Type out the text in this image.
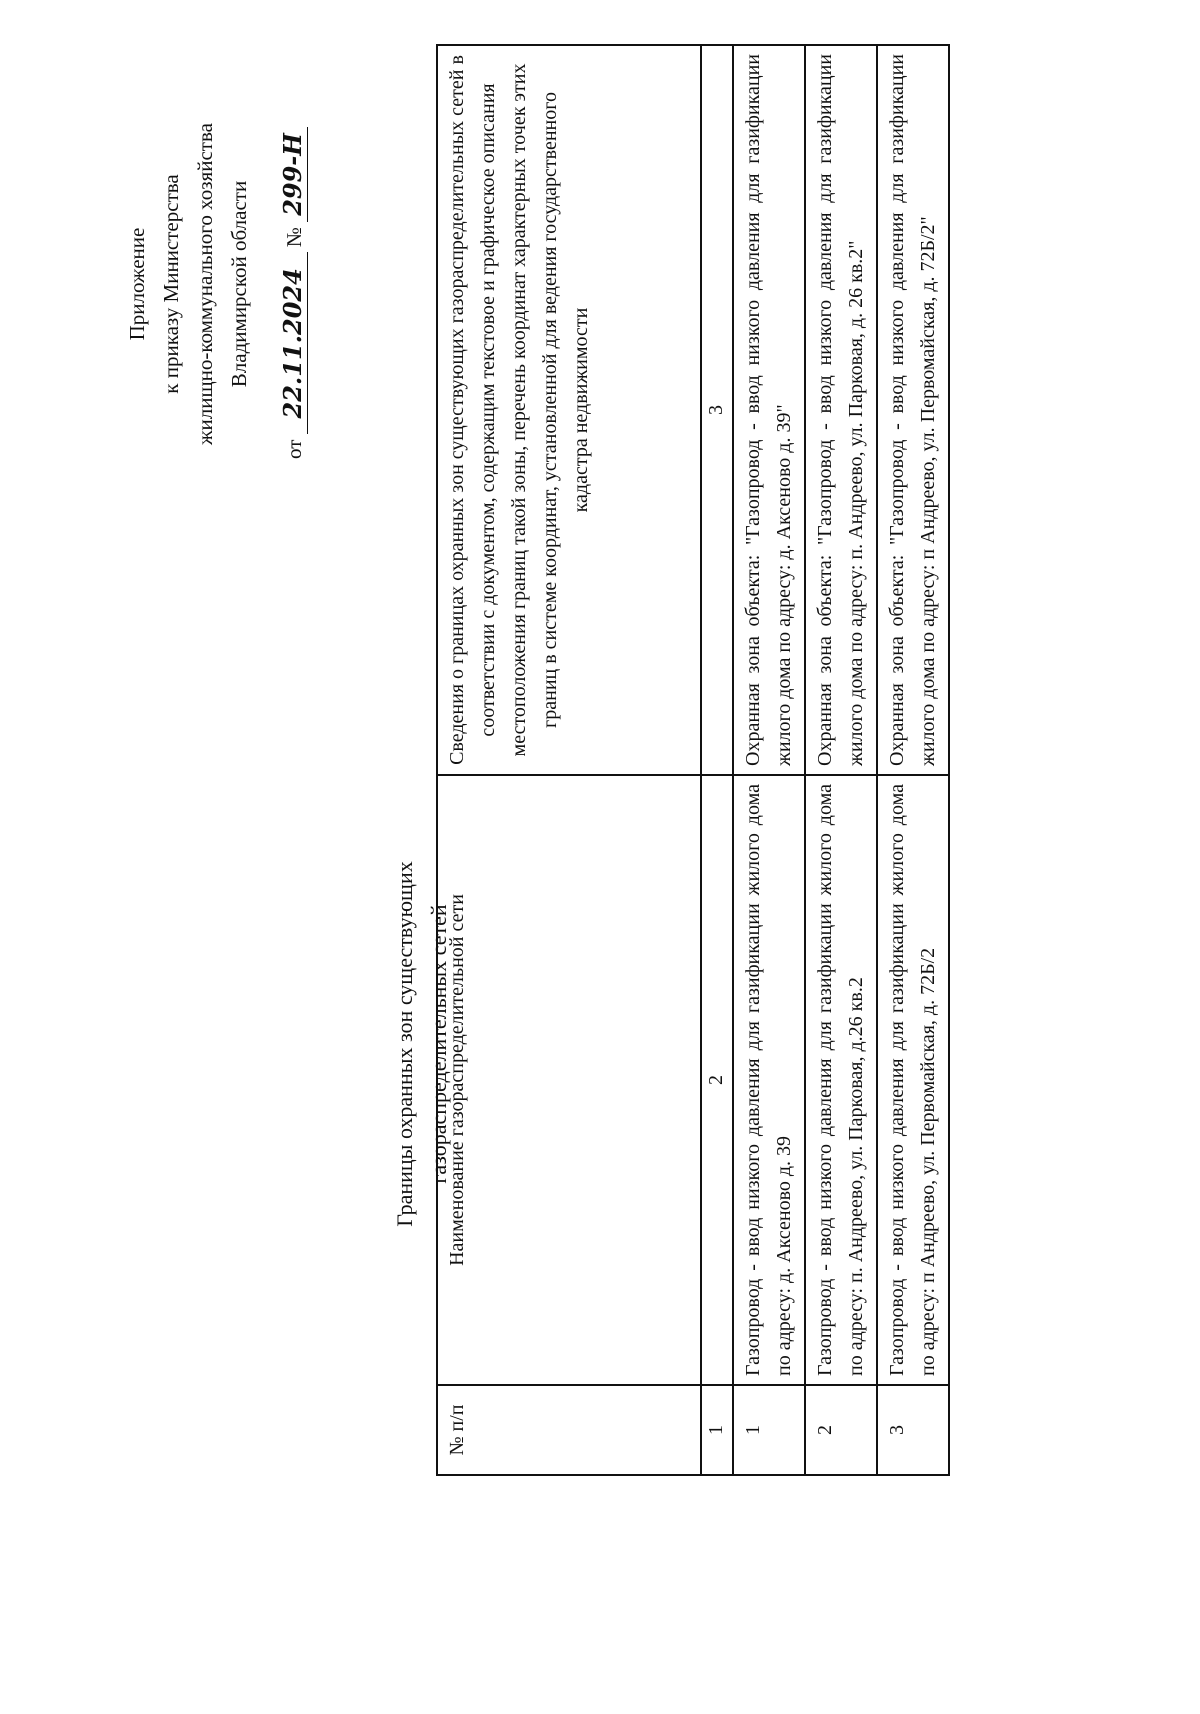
Приложение к приказу Министерства жилищно-коммунального хозяйства Владимирской области
от 22.11.2024 № 299-Н
Границы охранных зон существующих газораспределительных сетей
№ п/п	Наименование газораспределительной сети	Сведения о границах охранных зон существующих газораспределительных сетей в соответствии с документом, содержащим текстовое и графическое описания местоположения границ такой зоны, перечень координат характерных точек этих границ в системе координат, установленной для ведения государственного кадастра недвижимости
1	2	3
1	Газопровод - ввод низкого давления для газификации жилого дома по адресу: д. Аксеново д. 39	Охранная зона объекта: "Газопровод - ввод низкого давления для газификации жилого дома по адресу: д. Аксеново д. 39"
2	Газопровод - ввод низкого давления для газификации жилого дома по адресу: п. Андреево, ул. Парковая, д.26 кв.2	Охранная зона объекта: "Газопровод - ввод низкого давления для газификации жилого дома по адресу: п. Андреево, ул. Парковая, д. 26 кв.2"
3	Газопровод - ввод низкого давления для газификации жилого дома по адресу: п Андреево, ул. Первомайская, д. 72Б/2	Охранная зона объекта: "Газопровод - ввод низкого давления для газификации жилого дома по адресу: п Андреево, ул. Первомайская, д. 72Б/2"
